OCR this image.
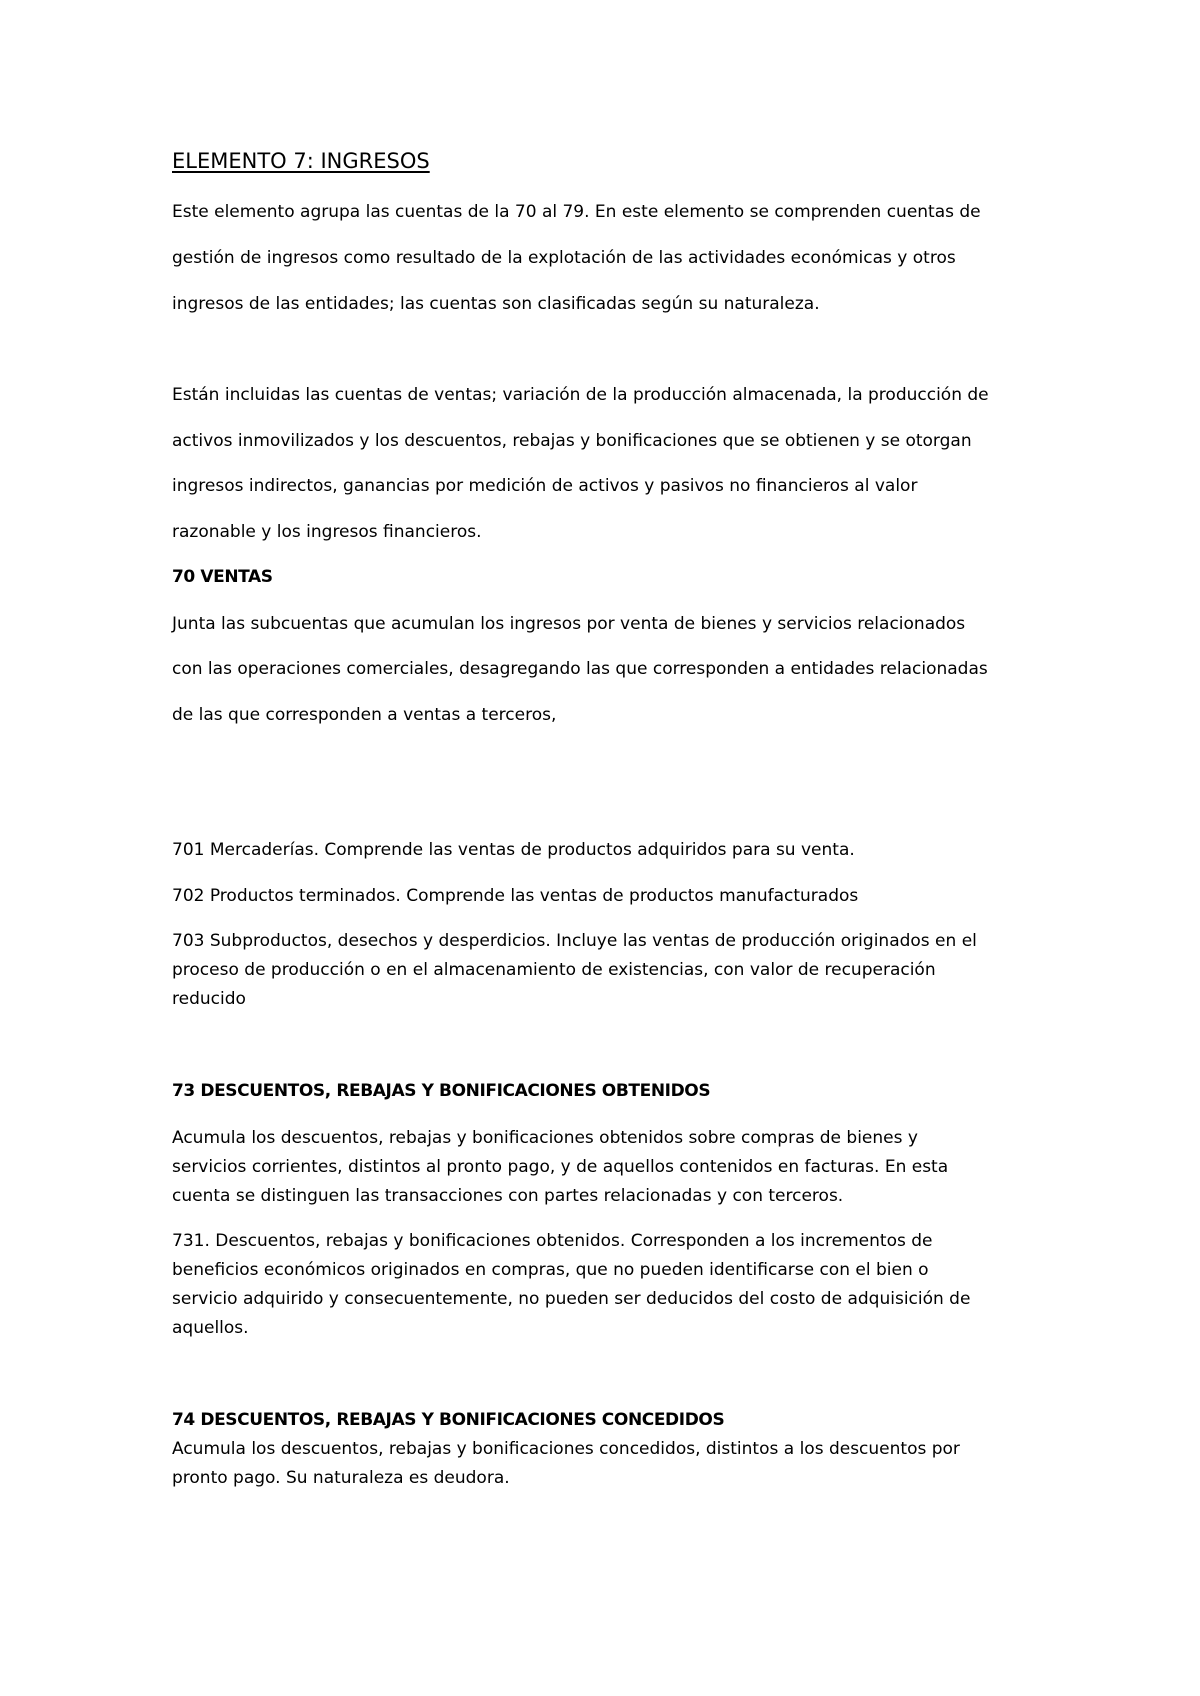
ELEMENTO 7: INGRESOS

Este elemento agrupa las cuentas de la 70 al 79. En este elemento se comprenden cuentas de

gestión de ingresos como resultado de la explotación de las actividades económicas y otros

ingresos de las entidades; las cuentas son clasificadas según su naturaleza.

Están incluidas las cuentas de ventas; variación de la producción almacenada, la producción de

activos inmovilizados y los descuentos, rebajas y bonificaciones que se obtienen y se otorgan

ingresos indirectos, ganancias por medición de activos y pasivos no financieros al valor

razonable y los ingresos financieros.

70 VENTAS

Junta las subcuentas que acumulan los ingresos por venta de bienes y servicios relacionados

con las operaciones comerciales, desagregando las que corresponden a entidades relacionadas

de las que corresponden a ventas a terceros,

701 Mercaderías. Comprende las ventas de productos adquiridos para su venta.

702 Productos terminados. Comprende las ventas de productos manufacturados

703 Subproductos, desechos y desperdicios. Incluye las ventas de producción originados en el

proceso de producción o en el almacenamiento de existencias, con valor de recuperación

reducido

73 DESCUENTOS, REBAJAS Y BONIFICACIONES OBTENIDOS

Acumula los descuentos, rebajas y bonificaciones obtenidos sobre compras de bienes y

servicios corrientes, distintos al pronto pago, y de aquellos contenidos en facturas. En esta

cuenta se distinguen las transacciones con partes relacionadas y con terceros.

731. Descuentos, rebajas y bonificaciones obtenidos. Corresponden a los incrementos de

beneficios económicos originados en compras, que no pueden identificarse con el bien o

servicio adquirido y consecuentemente, no pueden ser deducidos del costo de adquisición de

aquellos.

74 DESCUENTOS, REBAJAS Y BONIFICACIONES CONCEDIDOS

Acumula los descuentos, rebajas y bonificaciones concedidos, distintos a los descuentos por

pronto pago. Su naturaleza es deudora.
